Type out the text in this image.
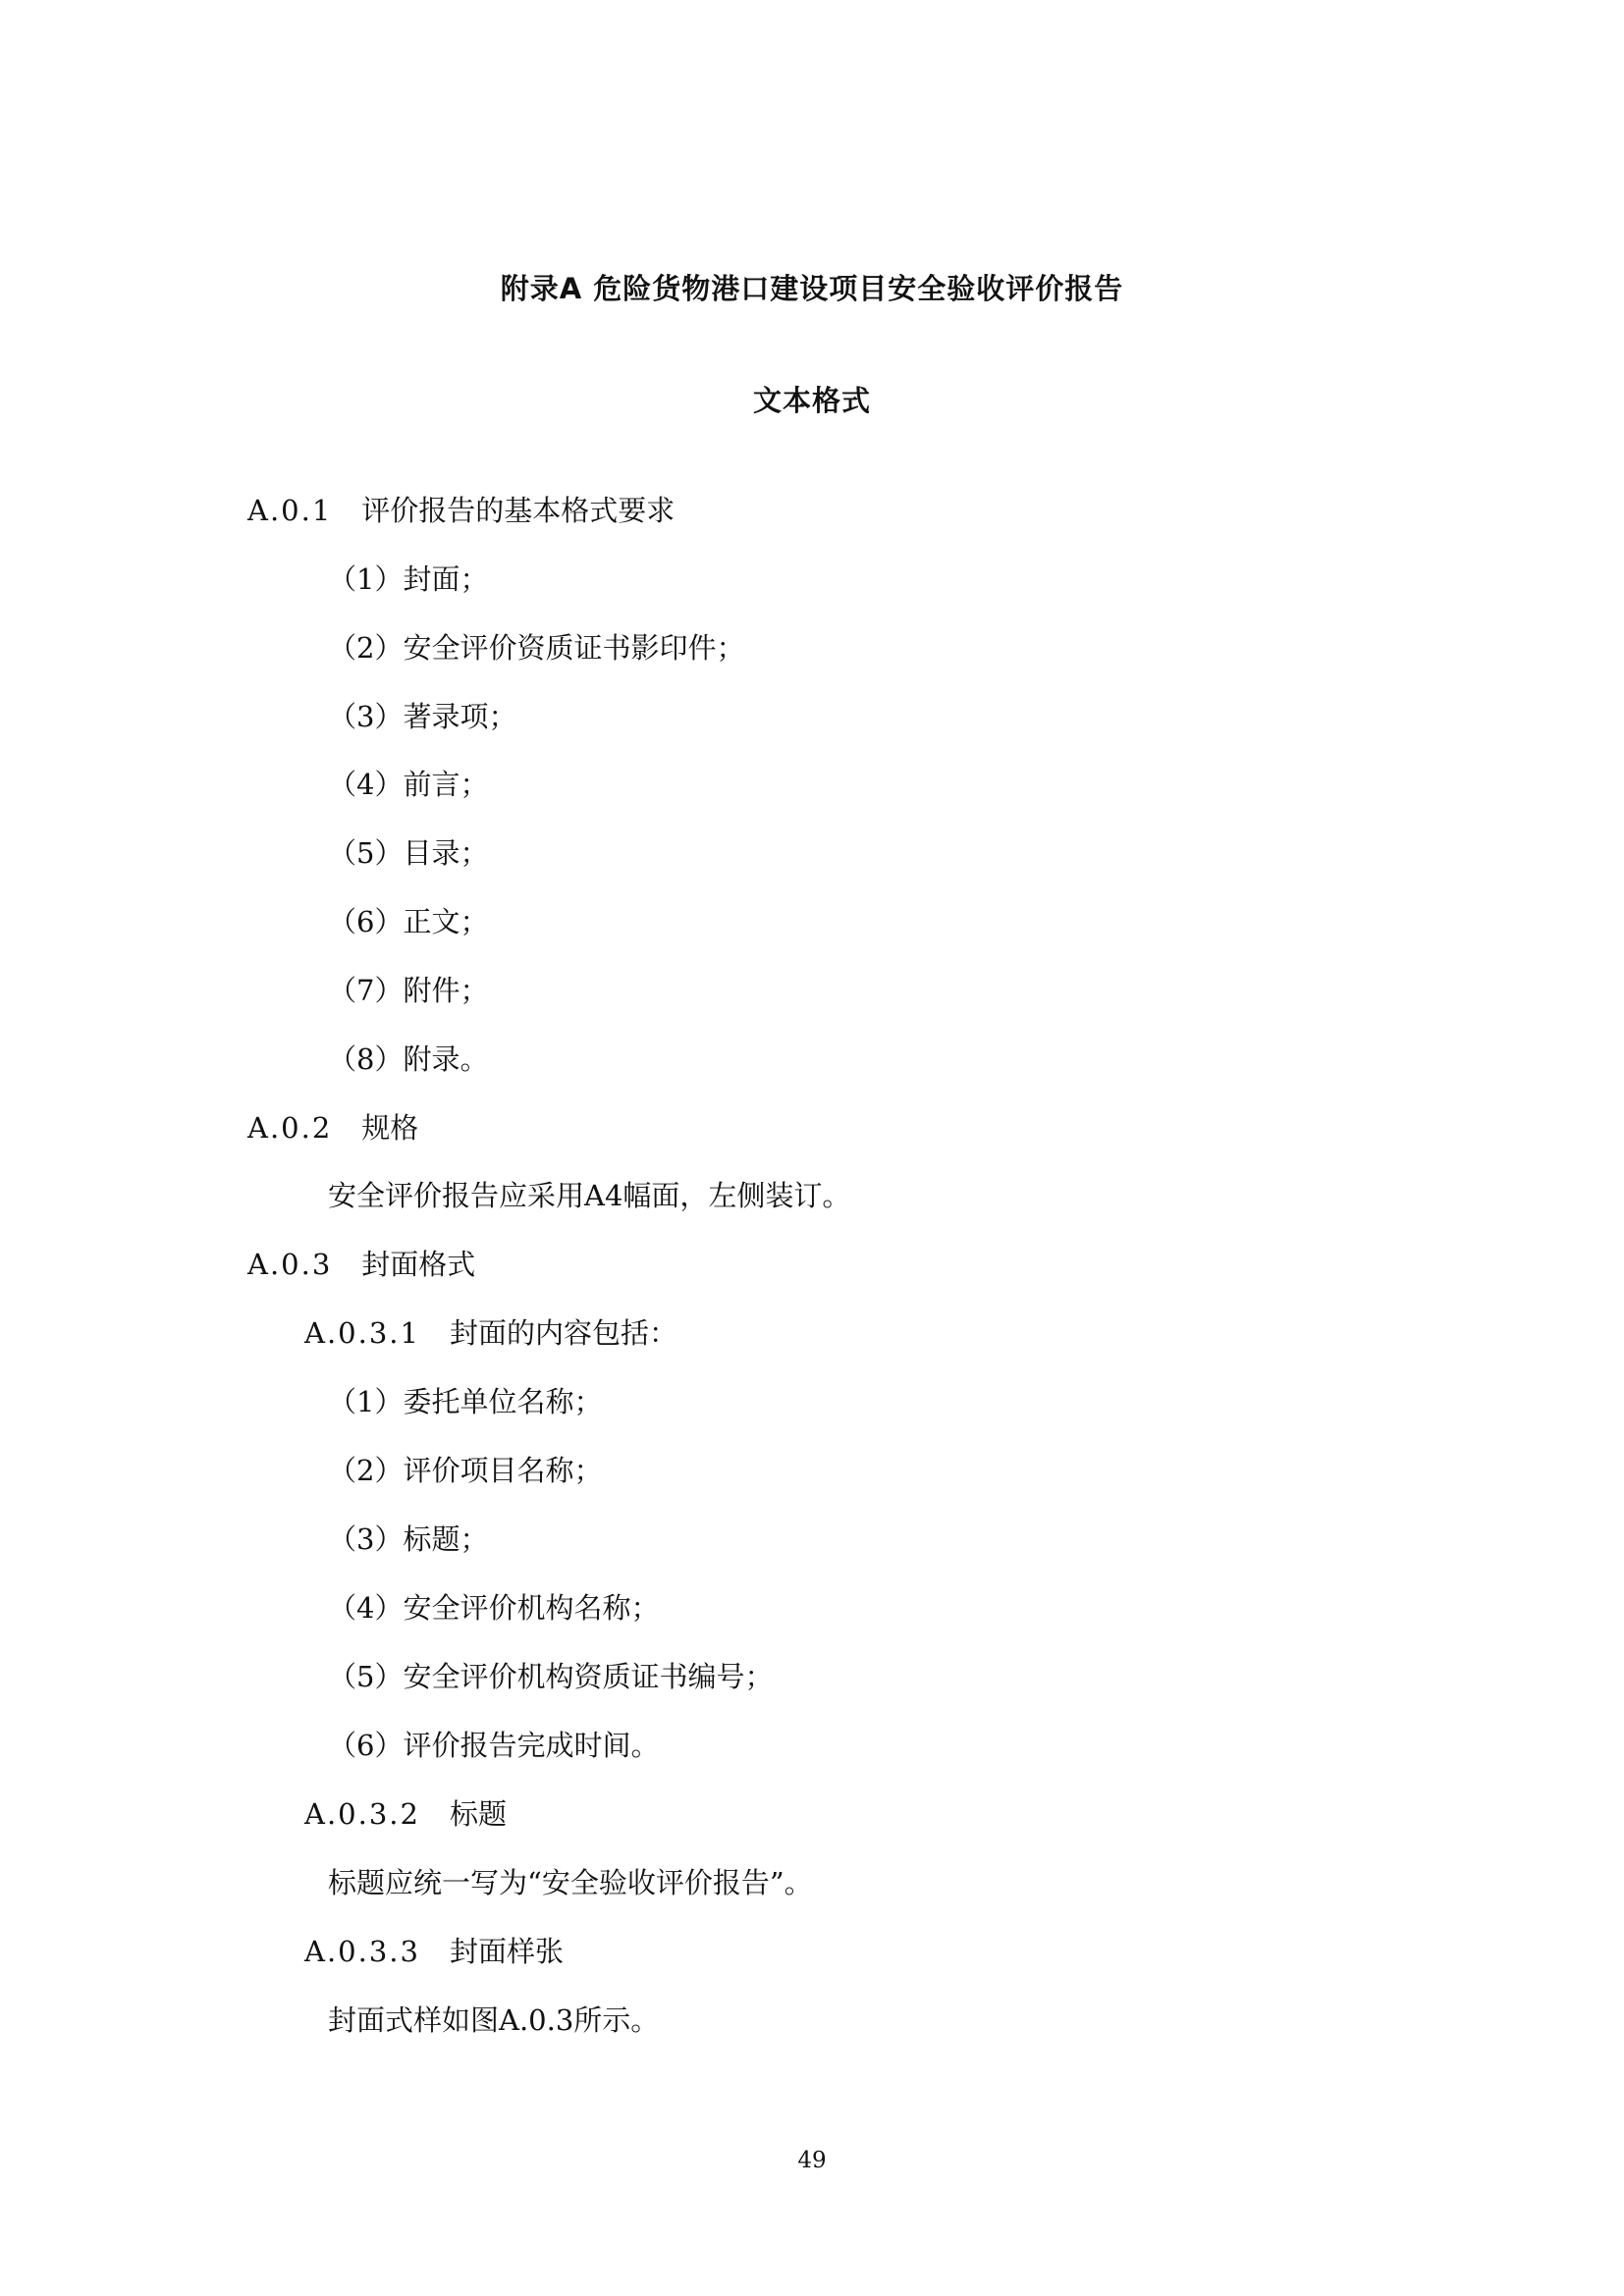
附录A 危险货物港口建设项目安全验收评价报告
文本格式

A.0.1 评价报告的基本格式要求

（1）封面；

（2）安全评价资质证书影印件；

（3）著录项；

（4）前言；

（5）目录；

（6）正文；

（7）附件；

（8）附录。

A.0.2 规格

安全评价报告应采用A4幅面，左侧装订。

A.0.3 封面格式

A.0.3.1 封面的内容包括：

（1）委托单位名称；

（2）评价项目名称；

（3）标题；

（4）安全评价机构名称；

（5）安全评价机构资质证书编号；

（6）评价报告完成时间。

A.0.3.2 标题

标题应统一写为“安全验收评价报告”。

A.0.3.3 封面样张

封面式样如图A.0.3所示。

49
